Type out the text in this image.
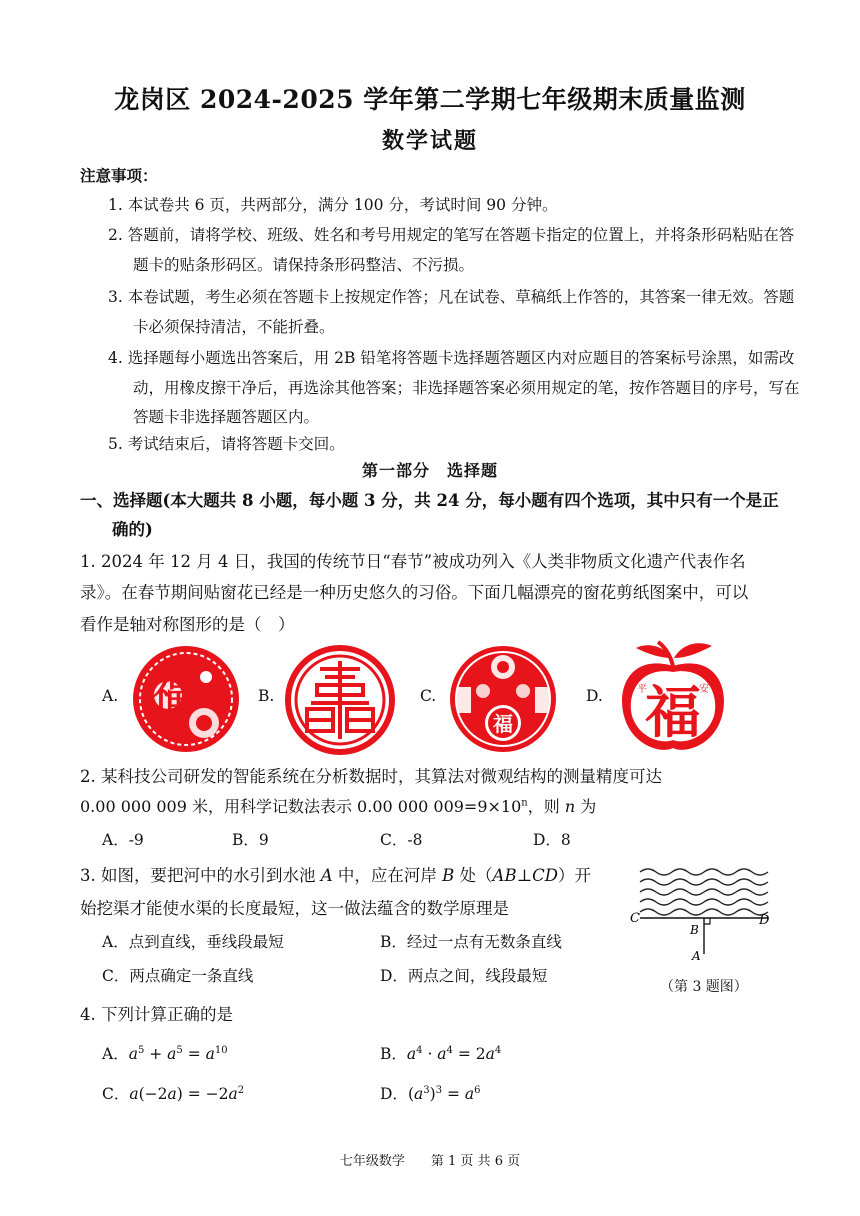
龙岗区 2024-2025 学年第二学期七年级期末质量监测
数学试题
注意事项：
1. 本试卷共 6 页，共两部分，满分 100 分，考试时间 90 分钟。
2. 答题前，请将学校、班级、姓名和考号用规定的笔写在答题卡指定的位置上，并将条形码粘贴在答
题卡的贴条形码区。请保持条形码整洁、不污损。
3. 本卷试题，考生必须在答题卡上按规定作答；凡在试卷、草稿纸上作答的，其答案一律无效。答题
卡必须保持清洁，不能折叠。
4. 选择题每小题选出答案后，用 2B 铅笔将答题卡选择题答题区内对应题目的答案标号涂黑，如需改
动，用橡皮擦干净后，再选涂其他答案；非选择题答案必须用规定的笔，按作答题目的序号，写在
答题卡非选择题答题区内。
5. 考试结束后，请将答题卡交回。
第一部分　选择题
一、选择题(本大题共 8 小题，每小题 3 分，共 24 分，每小题有四个选项，其中只有一个是正
确的)
1. 2024 年 12 月 4 日，我国的传统节日“春节”被成功列入《人类非物质文化遗产代表作名
录》。在春节期间贴窗花已经是一种历史悠久的习俗。下面几幅漂亮的窗花剪纸图案中，可以
看作是轴对称图形的是（　）
A. 福	B.	C.
福
D. 福
平	安
2. 某科技公司研发的智能系统在分析数据时，其算法对微观结构的测量精度可达
0.00 000 009 米，用科学记数法表示 0.00 000 $009=9\times 10^n$，则 n 为
A．-9	B．9	C．-8	D．8
3. 如图，要把河中的水引到水池 A 中，应在河岸 B 处（AB⊥CD）开
始挖渠才能使水渠的长度最短，这一做法蕴含的数学原理是
A．点到直线，垂线段最短	B．经过一点有无数条直线
C．两点确定一条直线	D．两点之间，线段最短
C	D
B
A
（第 3 题图）
4. 下列计算正确的是
A．$a^5 + a^5 = a^{10}$	B．$a^4 \cdot a^4 = 2a^4$
C．$a(-2a) = -2a^2$	D．$(a^3)^3 = a^6$
七年级数学　　第 1 页 共 6 页
